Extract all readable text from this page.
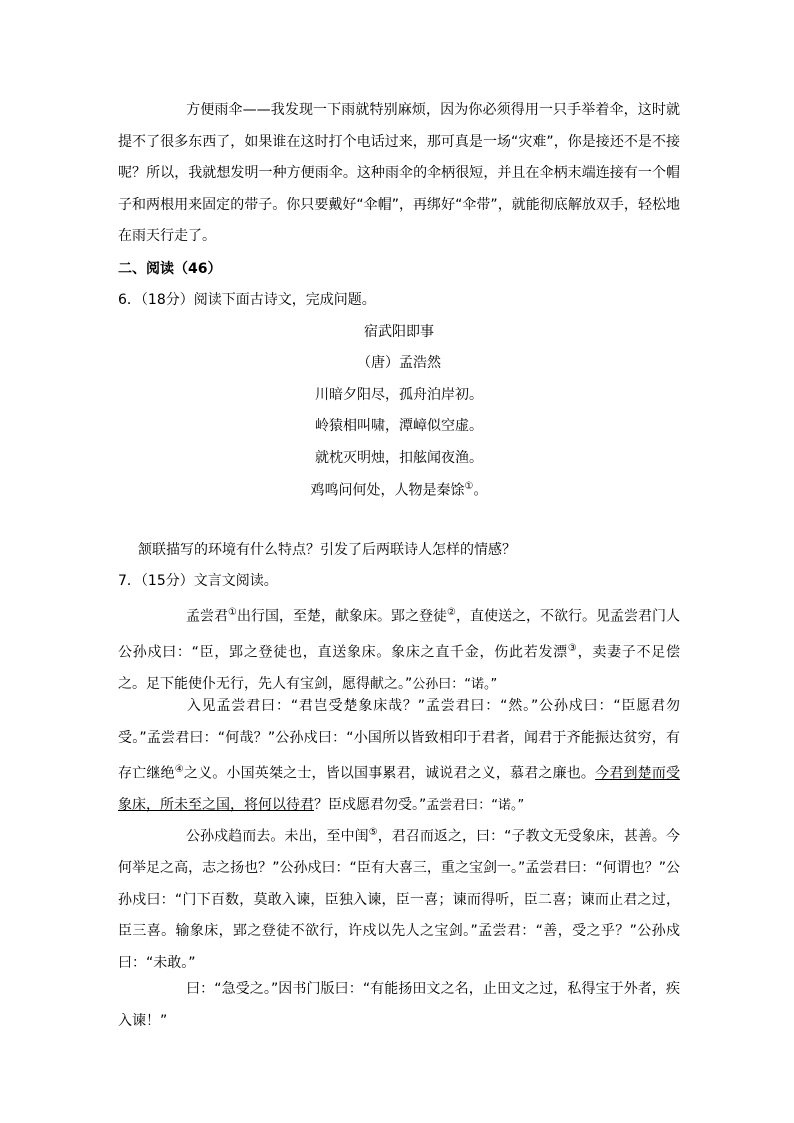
方便雨伞——我发现一下雨就特别麻烦，因为你必须得用一只手举着伞，这时就提不了很多东西了，如果谁在这时打个电话过来，那可真是一场“灾难”，你是接还不是不接呢？所以，我就想发明一种方便雨伞。这种雨伞的伞柄很短，并且在伞柄末端连接有一个帽子和两根用来固定的带子。你只要戴好“伞帽”，再绑好“伞带”，就能彻底解放双手，轻松地在雨天行走了。

二、阅读（46）

6．（18分）阅读下面古诗文，完成问题。

宿武阳即事

（唐）孟浩然

川暗夕阳尽，孤舟泊岸初。

岭猿相叫啸，潭嶂似空虚。

就枕灭明烛，扣舷闻夜渔。

鸡鸣问何处，人物是秦馀①。

颔联描写的环境有什么特点？引发了后两联诗人怎样的情感？

7．（15分）文言文阅读。

孟尝君①出行国，至楚，献象床。郢之登徒②，直使送之，不欲行。见孟尝君门人公孙戍曰：“臣，郢之登徒也，直送象床。象床之直千金，伤此若发漂③，卖妻子不足偿之。足下能使仆无行，先人有宝剑，愿得献之。”公孙曰：“诺。”

入见孟尝君曰：“君岂受楚象床哉？”孟尝君曰：“然。”公孙戍曰：“臣愿君勿受。”孟尝君曰：“何哉？”公孙戍曰：“小国所以皆致相印于君者，闻君于齐能振达贫穷，有存亡继绝④之义。小国英桀之士，皆以国事累君，诚说君之义，慕君之廉也。今君到楚而受象床，所未至之国，将何以待君？臣戍愿君勿受。”孟尝君曰：“诺。”

公孙戍趋而去。未出，至中闺⑤，君召而返之，曰：“子教文无受象床，甚善。今何举足之高，志之扬也？”公孙戍曰：“臣有大喜三，重之宝剑一。”孟尝君曰：“何谓也？”公孙戍曰：“门下百数，莫敢入谏，臣独入谏，臣一喜；谏而得听，臣二喜；谏而止君之过，臣三喜。输象床，郢之登徒不欲行，许戍以先人之宝剑。”孟尝君：“善，受之乎？”公孙戍曰：“未敢。”

曰：“急受之。”因书门版曰：“有能扬田文之名，止田文之过，私得宝于外者，疾入谏！”
